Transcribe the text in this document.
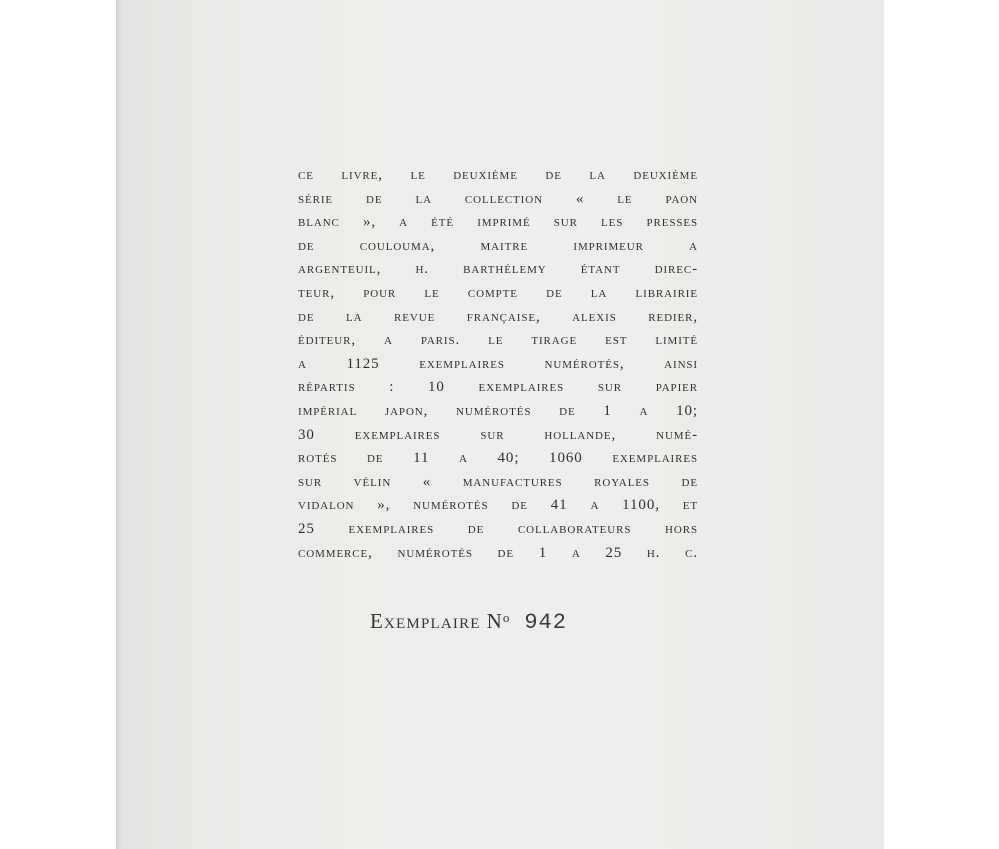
ce livre, le deuxième de la deuxième
série de la collection « le paon
blanc », a été imprimé sur les presses
de coulouma, maitre imprimeur a
argenteuil, h. barthélemy étant direc-
teur, pour le compte de la librairie
de la revue française, alexis redier,
éditeur, a paris. le tirage est limité
a 1125 exemplaires numérotés, ainsi
répartis : 10 exemplaires sur papier
impérial japon, numérotés de 1 a 10;
30 exemplaires sur hollande, numé-
rotés de 11 a 40; 1060 exemplaires
sur vélin « manufactures royales de
vidalon », numérotés de 41 a 1100, et
25 exemplaires de collaborateurs hors
commerce, numérotés de 1 a 25 h. c.
Exemplaire $N^o$ 942
